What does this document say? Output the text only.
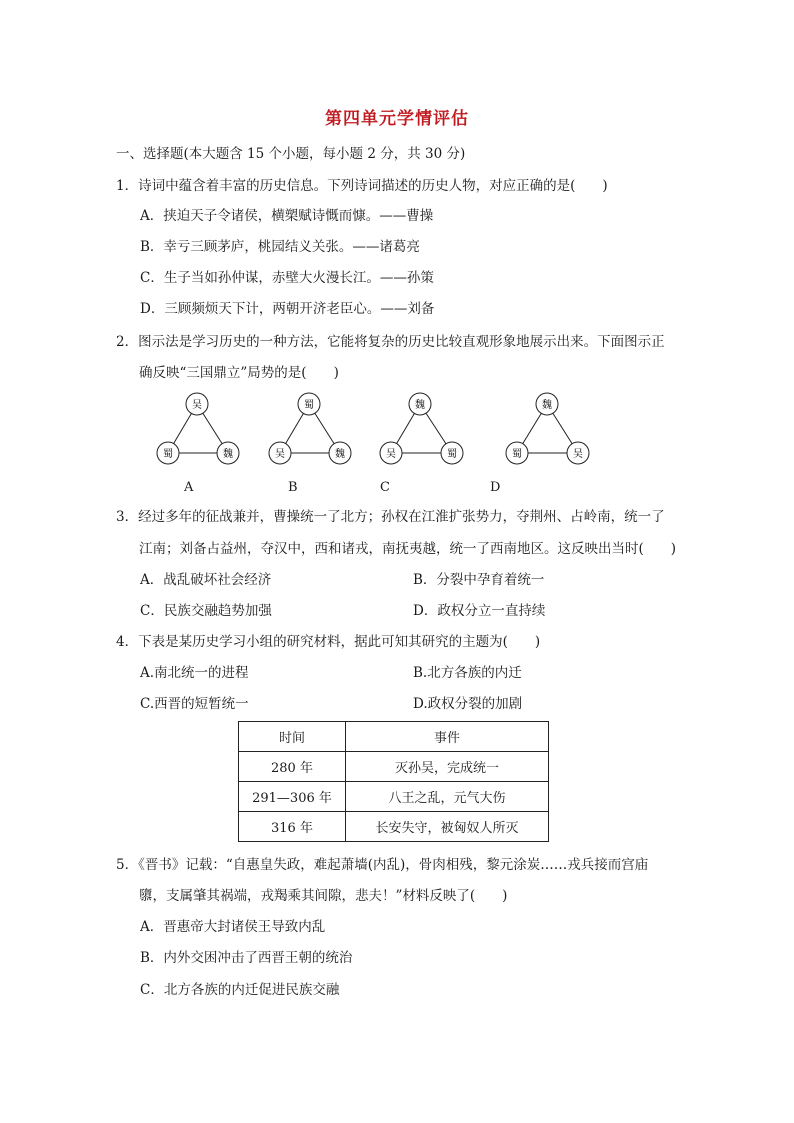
第四单元学情评估
一、选择题(本大题含 15 个小题，每小题 2 分，共 30 分)
1．诗词中蕴含着丰富的历史信息。下列诗词描述的历史人物，对应正确的是(　　)
A．挟迫天子令诸侯，横槊赋诗慨而慷。——曹操
B．幸亏三顾茅庐，桃园结义关张。——诸葛亮
C．生子当如孙仲谋，赤壁大火漫长江。——孙策
D．三顾频烦天下计，两朝开济老臣心。——刘备
2．图示法是学习历史的一种方法，它能将复杂的历史比较直观形象地展示出来。下面图示正
确反映“三国鼎立”局势的是(　　)
吴
蜀	魏
A
蜀
吴	魏
B
魏
吴	蜀
C
魏
蜀	吴
D
3．经过多年的征战兼并，曹操统一了北方；孙权在江淮扩张势力，夺荆州、占岭南，统一了
江南；刘备占益州，夺汉中，西和诸戎，南抚夷越，统一了西南地区。这反映出当时(　　)
A．战乱破坏社会经济	B．分裂中孕育着统一
C．民族交融趋势加强	D．政权分立一直持续
4．下表是某历史学习小组的研究材料，据此可知其研究的主题为(　　)
A.南北统一的进程	B.北方各族的内迁
C.西晋的短暂统一	D.政权分裂的加剧
时间	事件
280 年	灭孙吴，完成统一
291—306 年	八王之乱，元气大伤
316 年	长安失守，被匈奴人所灭
5．《晋书》记载：“自惠皇失政，难起萧墙(内乱)，骨肉相残，黎元涂炭……戎兵接而宫庙
隳，支属肇其祸端，戎羯乘其间隙，悲夫！”材料反映了(　　)
A．晋惠帝大封诸侯王导致内乱
B．内外交困冲击了西晋王朝的统治
C．北方各族的内迁促进民族交融
